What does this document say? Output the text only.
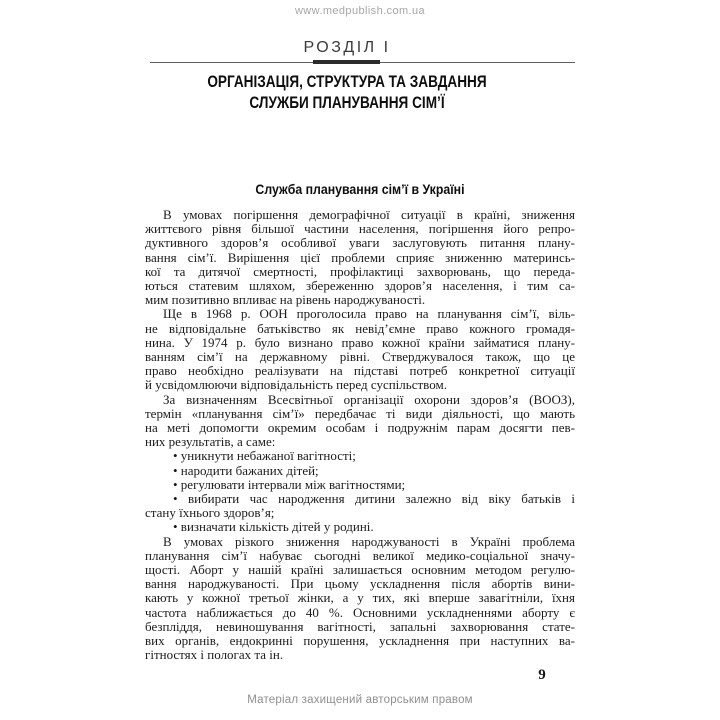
www.medpublish.com.ua
РОЗДІЛ I
ОРГАНІЗАЦІЯ, СТРУКТУРА ТА ЗАВДАННЯ
СЛУЖБИ ПЛАНУВАННЯ СІМ’Ї
Служба планування сім’ї в Україні
В умовах погіршення демографічної ситуації в країні, зниження
життєвого рівня більшої частини населення, погіршення його репро-
дуктивного здоров’я особливої уваги заслуговують питання плану-
вання сім’ї. Вирішення цієї проблеми сприяє зниженню материнсь-
кої та дитячої смертності, профілактиці захворювань, що переда-
ються статевим шляхом, збереженню здоров’я населення, і тим са-
мим позитивно впливає на рівень народжуваності.
Ще в 1968 р. ООН проголосила право на планування сім’ї, віль-
не відповідальне батьківство як невід’ємне право кожного громадя-
нина. У 1974 р. було визнано право кожної країни займатися плану-
ванням сім’ї на державному рівні. Стверджувалося також, що це
право необхідно реалізувати на підставі потреб конкретної ситуації
й усвідомлюючи відповідальність перед суспільством.
За визначенням Всесвітньої організації охорони здоров’я (ВООЗ),
термін «планування сім’ї» передбачає ті види діяльності, що мають
на меті допомогти окремим особам і подружнім парам досягти пев-
них результатів, а саме:
• уникнути небажаної вагітності;
• народити бажаних дітей;
• регулювати інтервали між вагітностями;
• вибирати час народження дитини залежно від віку батьків і
стану їхнього здоров’я;
• визначати кількість дітей у родині.
В умовах різкого зниження народжуваності в Україні проблема
планування сім’ї набуває сьогодні великої медико-соціальної значу-
щості. Аборт у нашій країні залишається основним методом регулю-
вання народжуваності. При цьому ускладнення після абортів вини-
кають у кожної третьої жінки, а у тих, які вперше завагітніли, їхня
частота наближається до 40 %. Основними ускладненнями аборту є
безпліддя, невиношування вагітності, запальні захворювання стате-
вих органів, ендокринні порушення, ускладнення при наступних ва-
гітностях і пологах та ін.
9
Матеріал захищений авторським правом
